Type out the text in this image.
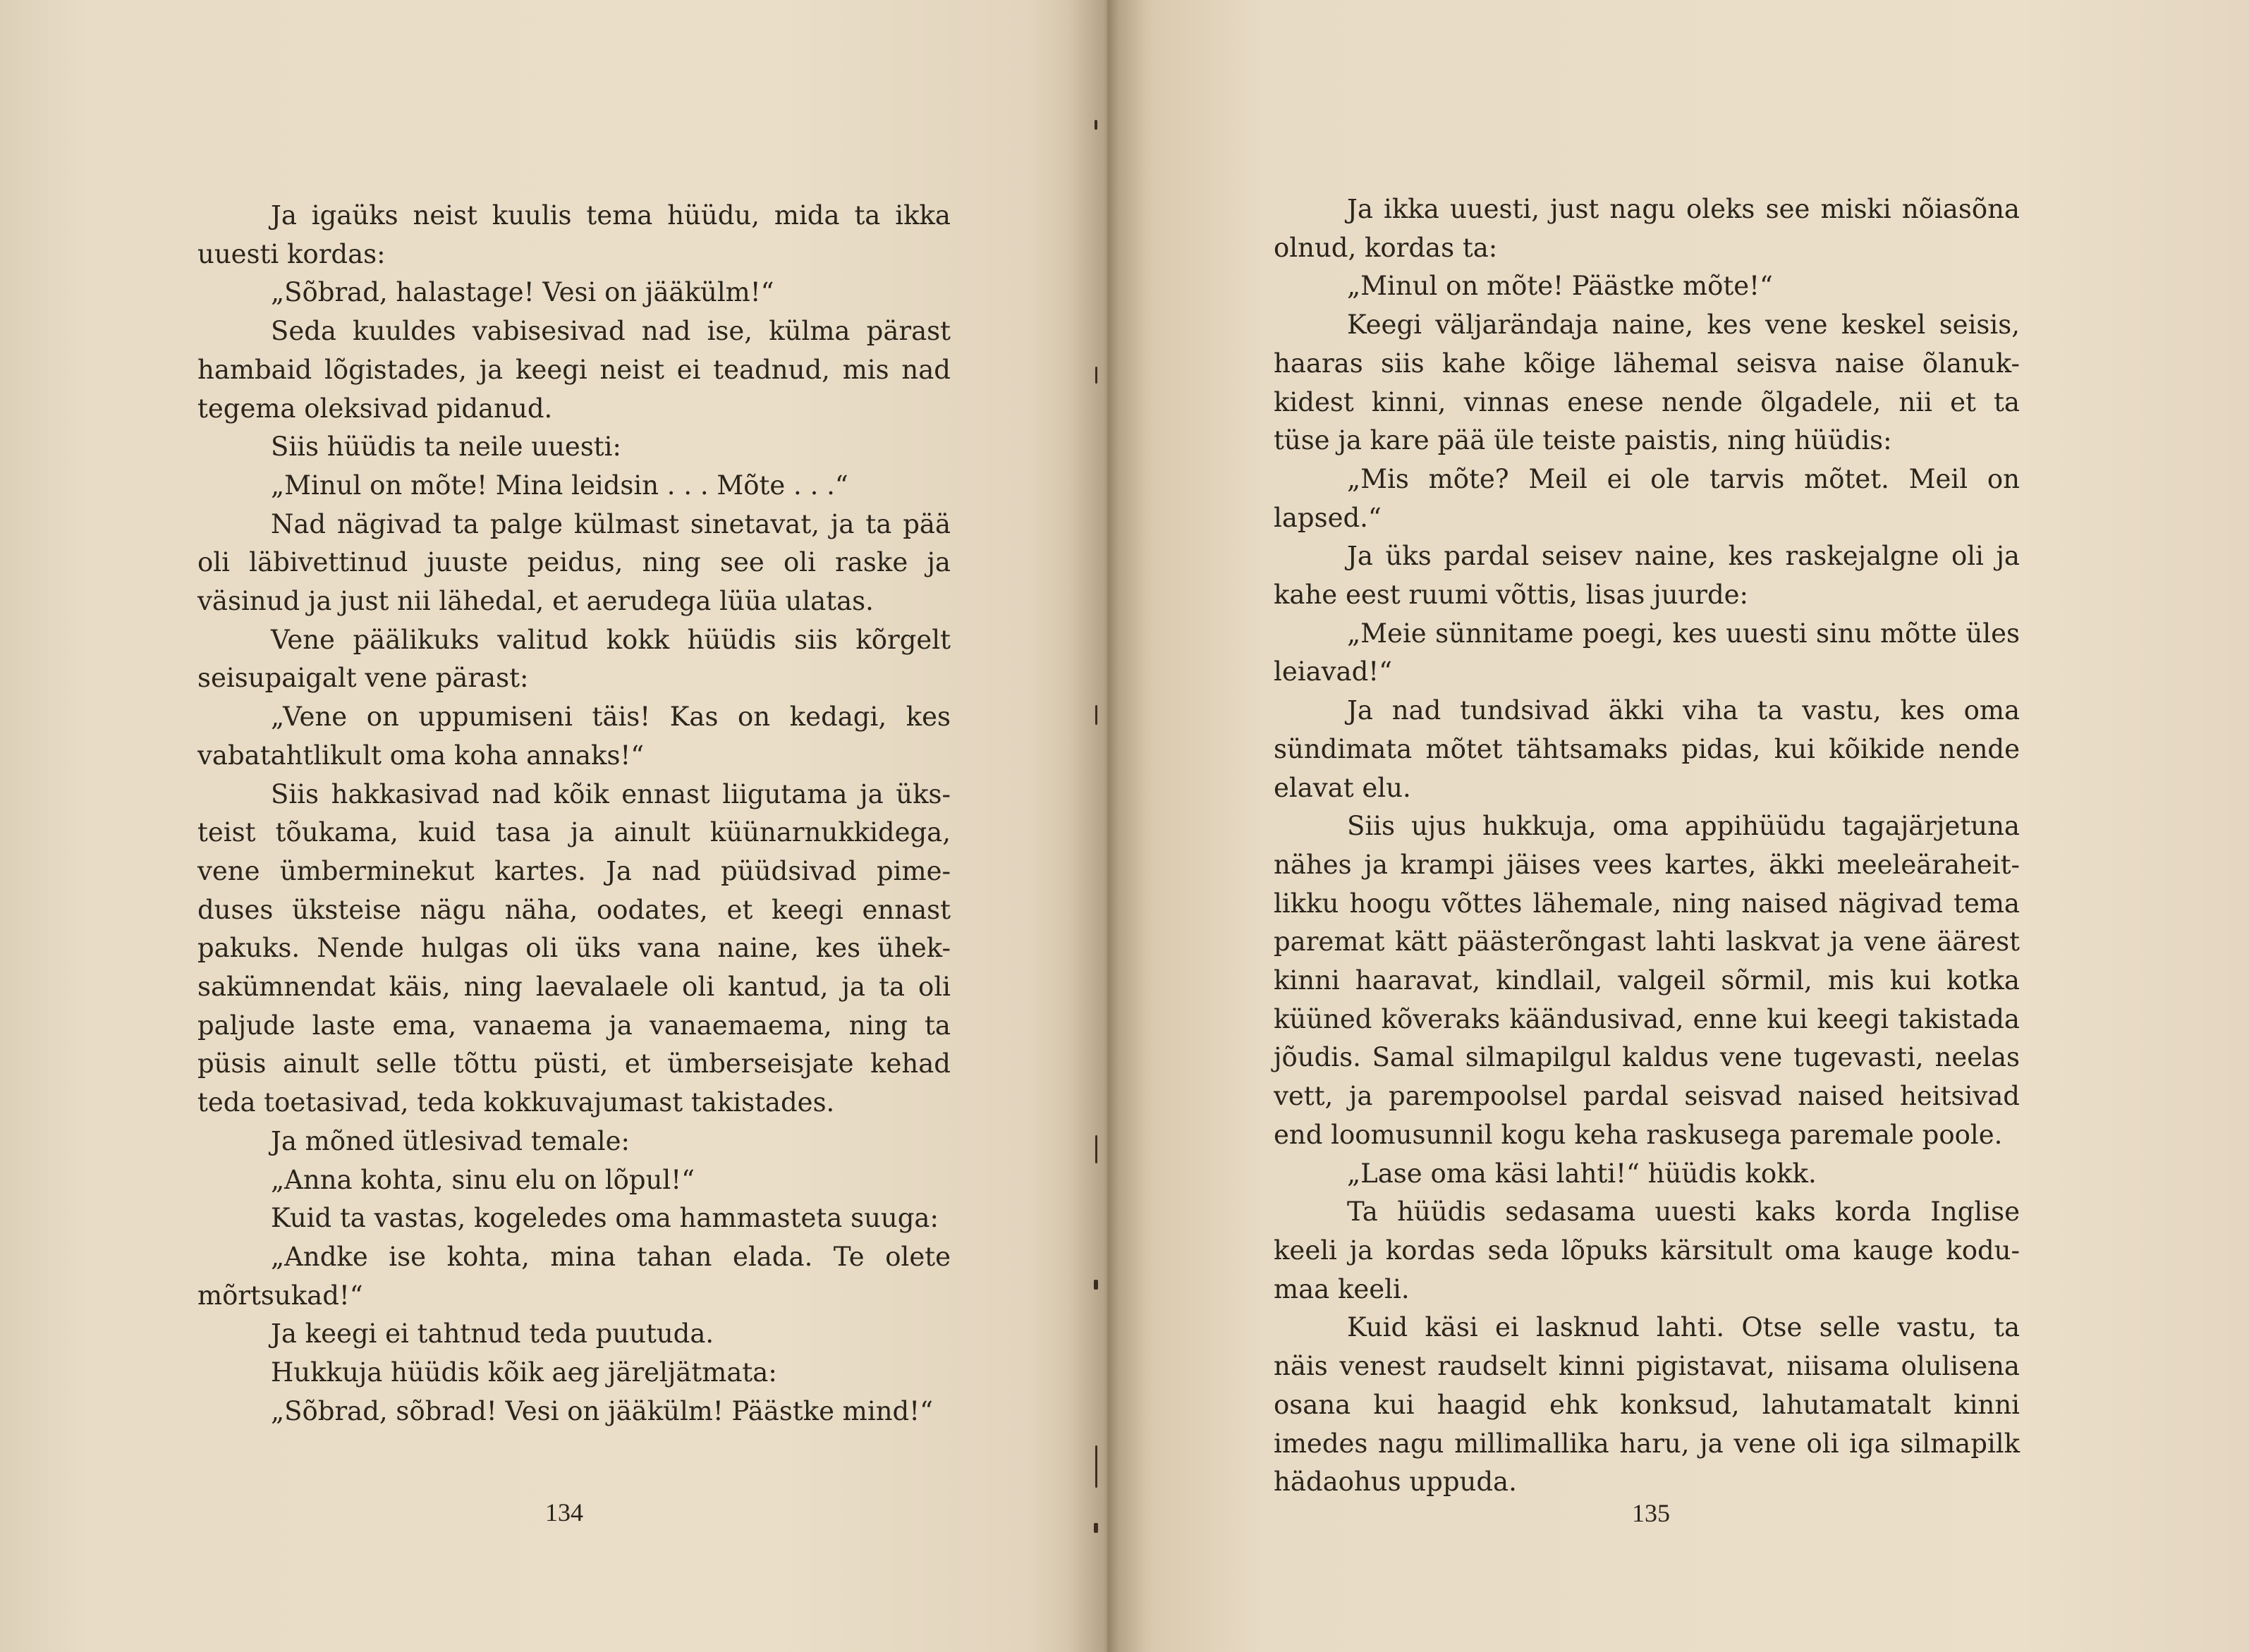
Ja igaüks neist kuulis tema hüüdu, mida ta ikka
uuesti kordas:
„Sõbrad, halastage! Vesi on jääkülm!“
Seda kuuldes vabisesivad nad ise, külma pärast
hambaid lõgistades, ja keegi neist ei teadnud, mis nad
tegema oleksivad pidanud.
Siis hüüdis ta neile uuesti:
„Minul on mõte! Mina leidsin . . . Mõte . . .“
Nad nägivad ta palge külmast sinetavat, ja ta pää
oli läbivettinud juuste peidus, ning see oli raske ja
väsinud ja just nii lähedal, et aerudega lüüa ulatas.
Vene päälikuks valitud kokk hüüdis siis kõrgelt
seisupaigalt vene pärast:
„Vene on uppumiseni täis! Kas on kedagi, kes
vabatahtlikult oma koha annaks!“
Siis hakkasivad nad kõik ennast liigutama ja üks-
teist tõukama, kuid tasa ja ainult küünarnukkidega,
vene ümberminekut kartes. Ja nad püüdsivad pime-
duses üksteise nägu näha, oodates, et keegi ennast
pakuks. Nende hulgas oli üks vana naine, kes ühek-
sakümnendat käis, ning laevalaele oli kantud, ja ta oli
paljude laste ema, vanaema ja vanaemaema, ning ta
püsis ainult selle tõttu püsti, et ümberseisjate kehad
teda toetasivad, teda kokkuvajumast takistades.
Ja mõned ütlesivad temale:
„Anna kohta, sinu elu on lõpul!“
Kuid ta vastas, kogeledes oma hammasteta suuga:
„Andke ise kohta, mina tahan elada. Te olete
mõrtsukad!“
Ja keegi ei tahtnud teda puutuda.
Hukkuja hüüdis kõik aeg järeljätmata:
„Sõbrad, sõbrad! Vesi on jääkülm! Päästke mind!“
134
Ja ikka uuesti, just nagu oleks see miski nõiasõna
olnud, kordas ta:
„Minul on mõte! Päästke mõte!“
Keegi väljarändaja naine, kes vene keskel seisis,
haaras siis kahe kõige lähemal seisva naise õlanuk-
kidest kinni, vinnas enese nende õlgadele, nii et ta
tüse ja kare pää üle teiste paistis, ning hüüdis:
„Mis mõte? Meil ei ole tarvis mõtet. Meil on
lapsed.“
Ja üks pardal seisev naine, kes raskejalgne oli ja
kahe eest ruumi võttis, lisas juurde:
„Meie sünnitame poegi, kes uuesti sinu mõtte üles
leiavad!“
Ja nad tundsivad äkki viha ta vastu, kes oma
sündimata mõtet tähtsamaks pidas, kui kõikide nende
elavat elu.
Siis ujus hukkuja, oma appihüüdu tagajärjetuna
nähes ja krampi jäises vees kartes, äkki meeleäraheit-
likku hoogu võttes lähemale, ning naised nägivad tema
paremat kätt päästerõngast lahti laskvat ja vene äärest
kinni haaravat, kindlail, valgeil sõrmil, mis kui kotka
küüned kõveraks käändusivad, enne kui keegi takistada
jõudis. Samal silmapilgul kaldus vene tugevasti, neelas
vett, ja parempoolsel pardal seisvad naised heitsivad
end loomusunnil kogu keha raskusega paremale poole.
„Lase oma käsi lahti!“ hüüdis kokk.
Ta hüüdis sedasama uuesti kaks korda Inglise
keeli ja kordas seda lõpuks kärsitult oma kauge kodu-
maa keeli.
Kuid käsi ei lasknud lahti. Otse selle vastu, ta
näis venest raudselt kinni pigistavat, niisama olulisena
osana kui haagid ehk konksud, lahutamatalt kinni
imedes nagu millimallika haru, ja vene oli iga silmapilk
hädaohus uppuda.
135
